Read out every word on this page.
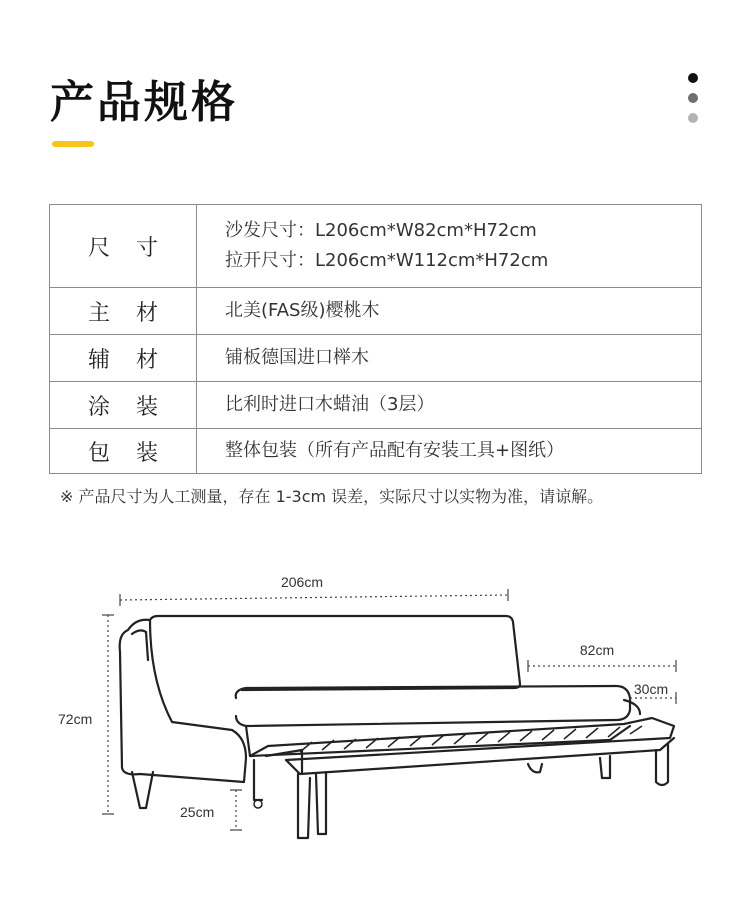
产品规格
尺寸	沙发尺寸：L206cm*W82cm*H72cm
拉开尺寸：L206cm*W112cm*H72cm

主材	北美(FAS级)樱桃木
辅材	铺板德国进口榉木
涂装	比利时进口木蜡油（3层）
包装	整体包装（所有产品配有安装工具+图纸）

※ 产品尺寸为人工测量，存在 1-3cm 误差，实际尺寸以实物为准，请谅解。

206cm
82cm
30cm
72cm
25cm
